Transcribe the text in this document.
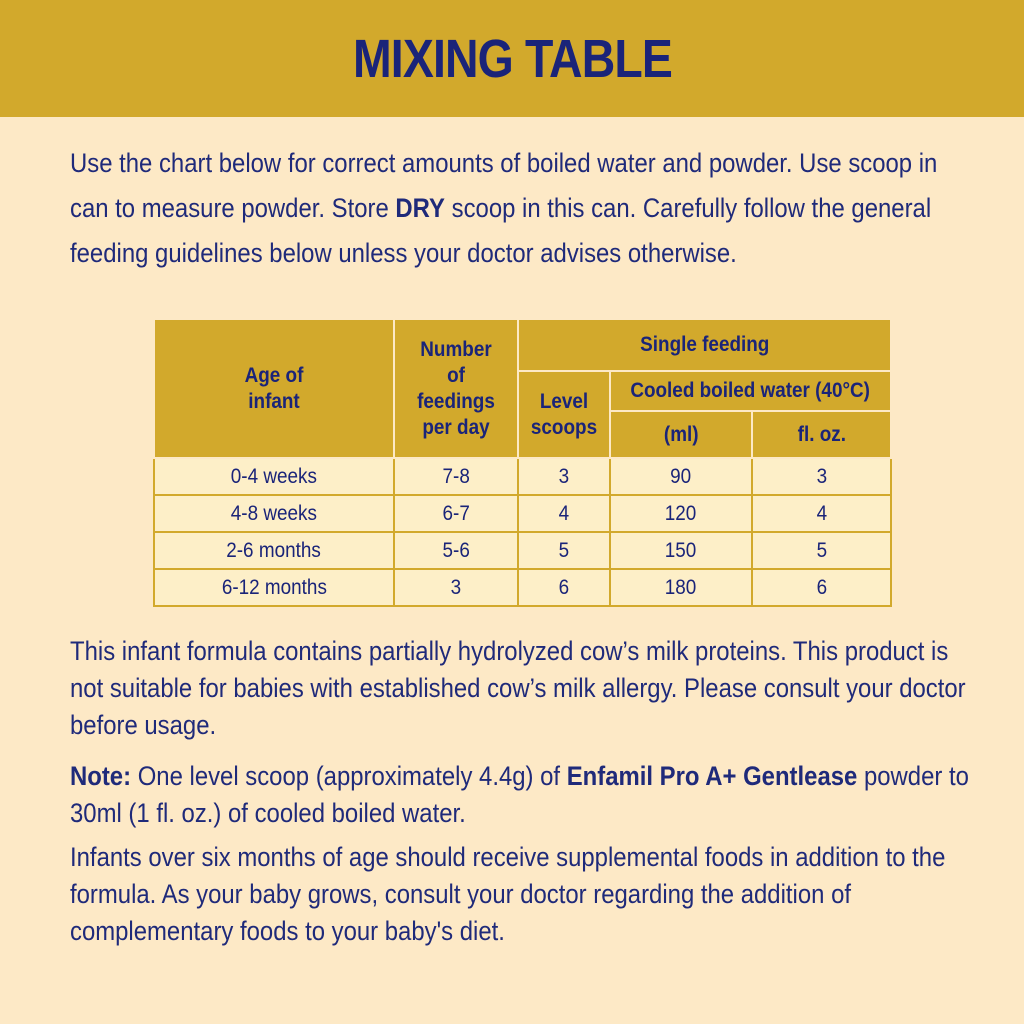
MIXING TABLE

Use the chart below for correct amounts of boiled water and powder. Use scoop in can to measure powder. Store DRY scoop in this can. Carefully follow the general feeding guidelines below unless your doctor advises otherwise.

Age of infant	Number of feedings per day	Single feeding		
		Level scoops	Cooled boiled water (40°C)	
			(ml)	fl. oz.
0-4 weeks	7-8	3	90	3
4-8 weeks	6-7	4	120	4
2-6 months	5-6	5	150	5
6-12 months	3	6	180	6

This infant formula contains partially hydrolyzed cow’s milk proteins. This product is not suitable for babies with established cow’s milk allergy. Please consult your doctor before usage.

Note: One level scoop (approximately 4.4g) of Enfamil Pro A+ Gentlease powder to 30ml (1 fl. oz.) of cooled boiled water.

Infants over six months of age should receive supplemental foods in addition to the formula. As your baby grows, consult your doctor regarding the addition of complementary foods to your baby's diet.
